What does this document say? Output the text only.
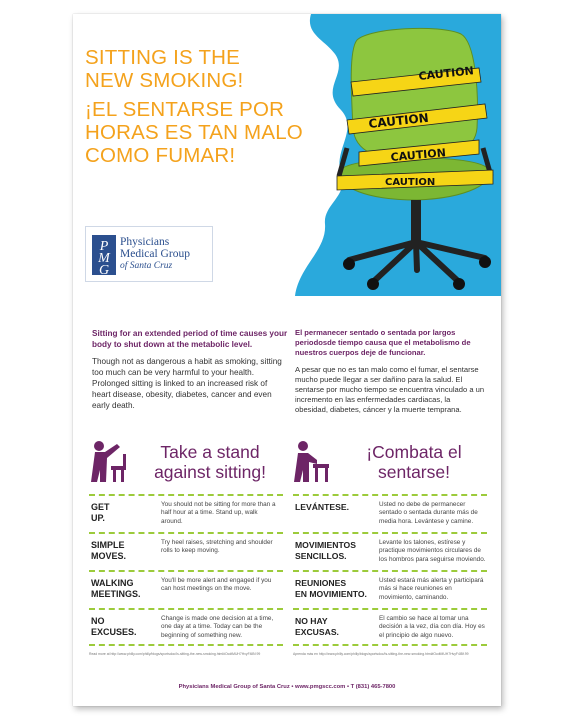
SITTING IS THE
NEW SMOKING!
¡EL SENTARSE POR
HORAS ES TAN MALO
COMO FUMAR!
CAUTION
CAUTION
CAUTION
CAUTION
P
M
G
Physicians
Medical Group
of Santa Cruz
Sitting for an extended period of time causes your body to shut down at the metabolic level.
Though not as dangerous a habit as smoking, sitting too much can be very harmful to your health. Prolonged sitting is linked to an increased risk of heart disease, obesity, diabetes, cancer and even early death.
El permanecer sentado o sentada por largos periodosde tiempo causa que el metabolismo de nuestros cuerpos deje de funcionar.
A pesar que no es tan malo como el fumar, el sentarse mucho puede llegar a ser dañino para la salud. El sentarse por mucho tiempo se encuentra vinculado a un incremento en las enfermedades cardiacas, la obesidad, diabetes, cáncer y la muerte temprana.
Take a stand
against sitting!
¡Combata el
sentarse!
GET
UP.
You should not be sitting for more than a half hour at a time. Stand up, walk around.
SIMPLE
MOVES.
Try heel raises, stretching and shoulder rolls to keep moving.
WALKING
MEETINGS.
You'll be more alert and engaged if you can host meetings on the move.
NO
EXCUSES.
Change is made one decision at a time, one day at a time. Today can be the beginning of something new.
LEVÁNTESE.	Usted no debe de permanecer sentado o sentada durante más de media hora. Levántese y camine.
MOVIMIENTOS
SENCILLOS.
Levante los talones, estírese y practique movimientos circulares de los hombros para seguirse moviendo.
REUNIONES
EN MOVIMIENTO.
Usted estará más alerta y participará más si hace reuniones en movimiento, caminando.
NO HAY
EXCUSAS.
El cambio se hace al tomar una decisión a la vez, día con día. Hoy es el principio de algo nuevo.
Read more at http://www.philly.com/philly/blogs/sportsdoc/Is-sitting-the-new-smoking.html#OcdtMUH7HvyF4lBf.99	Aprenda más en http://www.philly.com/philly/blogs/sportsdoc/Is-sitting-the-new-smoking.html#OcdtMUH7HvyF4lBf.99
Physicians Medical Group of Santa Cruz • www.pmgscc.com • T (831) 465-7800
